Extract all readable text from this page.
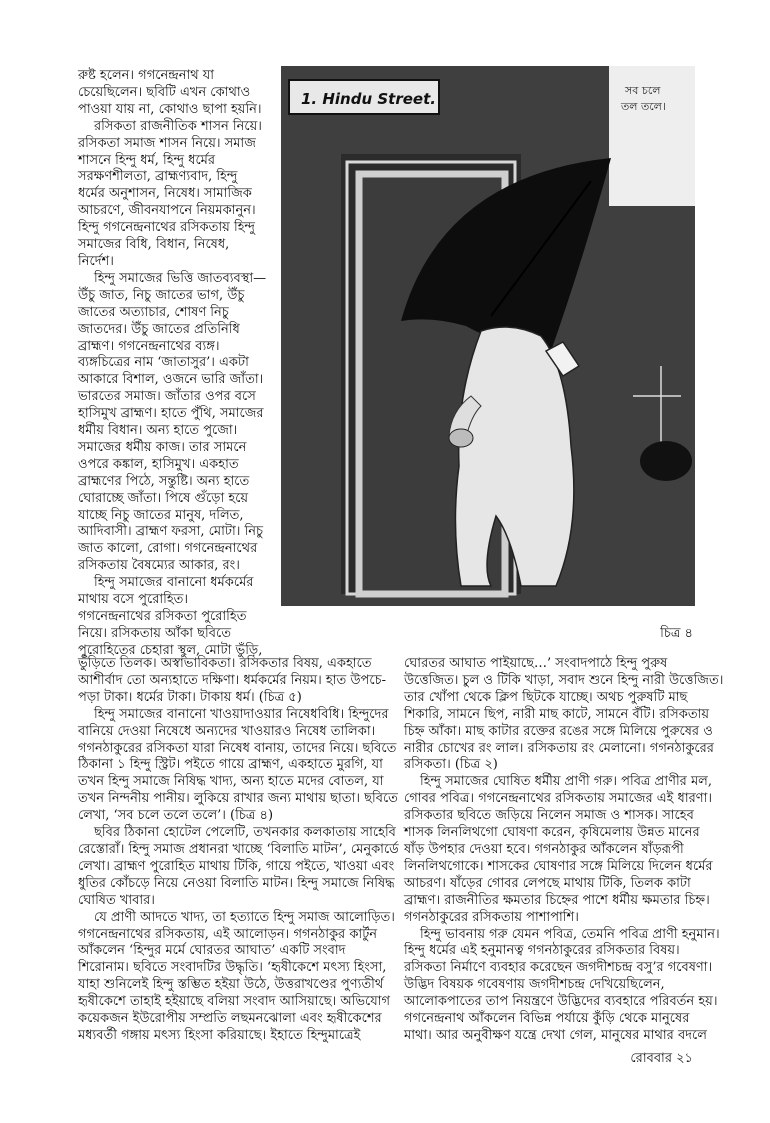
রুষ্ট হলেন। গগনেন্দ্রনাথ যা
চেয়েছিলেন। ছবিটি এখন কোথাও
পাওয়া যায় না, কোথাও ছাপা হয়নি।
রসিকতা রাজনীতিক শাসন নিয়ে।
রসিকতা সমাজ শাসন নিয়ে। সমাজ
শাসনে হিন্দু ধর্ম, হিন্দু ধর্মের
সরক্ষণশীলতা, ব্রাহ্মণ্যবাদ, হিন্দু
ধর্মের অনুশাসন, নিষেধ। সামাজিক
আচরণে, জীবনযাপনে নিয়মকানুন।
হিন্দু গগনেন্দ্রনাথের রসিকতায় হিন্দু
সমাজের বিধি, বিধান, নিষেধ,
নির্দেশ।
হিন্দু সমাজের ভিত্তি জাতব্যবস্থা—
উঁচু জাত, নিচু জাতের ভাগ, উঁচু
জাতের অত্যাচার, শোষণ নিচু
জাতদের। উঁচু জাতের প্রতিনিধি
ব্রাহ্মণ। গগনেন্দ্রনাথের ব্যঙ্গ।
ব্যঙ্গচিত্রের নাম ‘জাতাসুর’। একটা
আকারে বিশাল, ওজনে ভারি জাঁতা।
ভারতের সমাজ। জাঁতার ওপর বসে
হাসিমুখ ব্রাহ্মণ। হাতে পুঁথি, সমাজের
ধর্মীয় বিধান। অন্য হাতে পুজো।
সমাজের ধর্মীয় কাজ। তার সামনে
ওপরে কঙ্কাল, হাসিমুখ। একহাত
ব্রাহ্মণের পিঠে, সন্তুষ্টি। অন্য হাতে
ঘোরাচ্ছে জাঁতা। পিষে গুঁড়ো হয়ে
যাচ্ছে নিচু জাতের মানুষ, দলিত,
আদিবাসী। ব্রাহ্মণ ফরসা, মোটা। নিচু
জাত কালো, রোগা। গগনেন্দ্রনাথের
রসিকতায় বৈষম্যের আকার, রং।
হিন্দু সমাজের বানানো ধর্মকর্মের
মাথায় বসে পুরোহিত।
গগনেন্দ্রনাথের রসিকতা পুরোহিত
নিয়ে। রসিকতায় আঁকা ছবিতে
পুরোহিতের চেহারা স্থুল, মোটা ভুঁড়ি,
1. Hindu Street.	সব চলে
তল তলে।
চিত্র ৪
ভুঁড়িতে তিলক। অস্বাভাবিকতা। রসিকতার বিষয়, একহাতে
আশীর্বাদ তো অন্যহাতে দক্ষিণা। ধর্মকর্মের নিয়ম। হাত উপচে-
পড়া টাকা। ধর্মের টাকা। টাকায় ধর্ম। (চিত্র ৫)
হিন্দু সমাজের বানানো খাওয়াদাওয়ার নিষেধবিধি। হিন্দুদের
বানিয়ে দেওয়া নিষেধে অন্যদের খাওয়ারও নিষেধ তালিকা।
গগনঠাকুরের রসিকতা যারা নিষেধ বানায়, তাদের নিয়ে। ছবিতে
ঠিকানা ১ হিন্দু স্ট্রিট। পইতে গায়ে ব্রাহ্মণ, একহাতে মুরগি, যা
তখন হিন্দু সমাজে নিষিদ্ধ খাদ্য, অন্য হাতে মদের বোতল, যা
তখন নিন্দনীয় পানীয়। লুকিয়ে রাখার জন্য মাথায় ছাতা। ছবিতে
লেখা, ‘সব চলে তলে তলে’। (চিত্র ৪)
ছবির ঠিকানা হোটেল পেলেটি, তখনকার কলকাতায় সাহেবি
রেস্তোরাঁ। হিন্দু সমাজ প্রধানরা খাচ্ছে ‘বিলাতি মাটন’, মেনুকার্ডে
লেখা। ব্রাহ্মণ পুরোহিত মাথায় টিকি, গায়ে পইতে, খাওয়া এবং
ধুতির কোঁচড়ে নিয়ে নেওয়া বিলাতি মাটন। হিন্দু সমাজে নিষিদ্ধ
ঘোষিত খাবার।
যে প্রাণী আদতে খাদ্য, তা হত্যাতে হিন্দু সমাজ আলোড়িত।
গগনেন্দ্রনাথের রসিকতায়, এই আলোড়ন। গগনঠাকুর কার্টুন
আঁকলেন ‘হিন্দুর মর্মে ঘোরতর আঘাত’ একটি সংবাদ
শিরোনাম। ছবিতে সংবাদটির উদ্ধৃতি। ‘হৃষীকেশে মৎস্য হিংসা,
যাহা শুনিলেই হিন্দু স্তম্ভিত হইয়া উঠে, উত্তরাখণ্ডের পুণ্যতীর্থ
হৃষীকেশে তাহাই হইয়াছে বলিয়া সংবাদ আসিয়াছে। অভিযোগ
কয়েকজন ইউরোপীয় সম্প্রতি লছমনঝোলা এবং হৃষীকেশের
মধ্যবর্তী গঙ্গায় মৎস্য হিংসা করিয়াছে। ইহাতে হিন্দুমাত্রেই
ঘোরতর আঘাত পাইয়াছে…’ সংবাদপাঠে হিন্দু পুরুষ
উত্তেজিত। চুল ও টিকি খাড়া, সবাদ শুনে হিন্দু নারী উত্তেজিত।
তার খোঁপা থেকে ক্লিপ ছিটকে যাচ্ছে। অথচ পুরুষটি মাছ
শিকারি, সামনে ছিপ, নারী মাছ কাটে, সামনে বঁটি। রসিকতায়
চিহ্ন আঁকা। মাছ কাটার রক্তের রঙের সঙ্গে মিলিয়ে পুরুষের ও
নারীর চোখের রং লাল। রসিকতায় রং মেলানো। গগনঠাকুরের
রসিকতা। (চিত্র ২)
হিন্দু সমাজের ঘোষিত ধর্মীয় প্রাণী গরু। পবিত্র প্রাণীর মল,
গোবর পবিত্র। গগনেন্দ্রনাথের রসিকতায় সমাজের এই ধারণা।
রসিকতার ছবিতে জড়িয়ে নিলেন সমাজ ও শাসক। সাহেব
শাসক লিনলিথগো ঘোষণা করেন, কৃষিমেলায় উন্নত মানের
ষাঁড় উপহার দেওয়া হবে। গগনঠাকুর আঁকলেন ষাঁড়রূপী
লিনলিথগোকে। শাসকের ঘোষণার সঙ্গে মিলিয়ে দিলেন ধর্মের
আচরণ। ষাঁড়ের গোবর লেপছে মাথায় টিকি, তিলক কাটা
ব্রাহ্মণ। রাজনীতির ক্ষমতার চিহ্নের পাশে ধর্মীয় ক্ষমতার চিহ্ন।
গগনঠাকুরের রসিকতায় পাশাপাশি।
হিন্দু ভাবনায় গরু যেমন পবিত্র, তেমনি পবিত্র প্রাণী হনুমান।
হিন্দু ধর্মের এই হনুমানত্ব গগনঠাকুরের রসিকতার বিষয়।
রসিকতা নির্মাণে ব্যবহার করেছেন জগদীশচন্দ্র বসু’র গবেষণা।
উদ্ভিদ বিষয়ক গবেষণায় জগদীশচন্দ্র দেখিয়েছিলেন,
আলোকপাতের তাপ নিয়ন্ত্রণে উদ্ভিদের ব্যবহারে পরিবর্তন হয়।
গগনেন্দ্রনাথ আঁকলেন বিভিন্ন পর্যায়ে কুঁড়ি থেকে মানুষের
মাথা। আর অনুবীক্ষণ যন্ত্রে দেখা গেল, মানুষের মাথার বদলে
রোববার ২১
